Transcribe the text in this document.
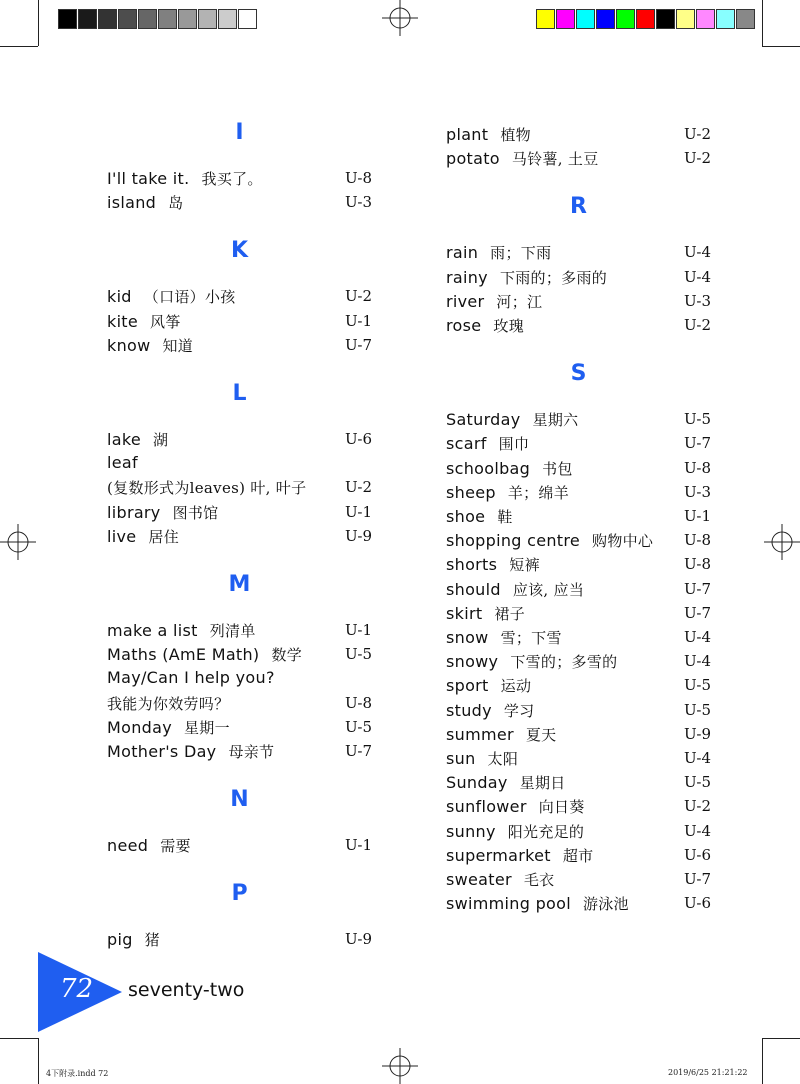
I
I'll take it. 我买了。	U-8
island 岛	U-3
K
kid （口语）小孩	U-2
kite 风筝	U-1
know 知道	U-7
L
lake 湖	U-6
leaf
(复数形式为leaves) 叶, 叶子	U-2
library 图书馆	U-1
live 居住	U-9
M
make a list 列清单	U-1
Maths (AmE Math) 数学	U-5
May/Can I help you?
我能为你效劳吗？	U-8
Monday 星期一	U-5
Mother's Day 母亲节	U-7
N
need 需要	U-1
P
pig 猪	U-9
plant 植物	U-2
potato 马铃薯, 土豆	U-2
R
rain 雨；下雨	U-4
rainy 下雨的；多雨的	U-4
river 河；江	U-3
rose 玫瑰	U-2
S
Saturday 星期六	U-5
scarf 围巾	U-7
schoolbag 书包	U-8
sheep 羊；绵羊	U-3
shoe 鞋	U-1
shopping centre 购物中心 U-8
shorts 短裤	U-8
should 应该, 应当	U-7
skirt 裙子	U-7
snow 雪；下雪	U-4
snowy 下雪的；多雪的	U-4
sport 运动	U-5
study 学习	U-5
summer 夏天	U-9
sun 太阳	U-4
Sunday 星期日	U-5
sunflower 向日葵	U-2
sunny 阳光充足的	U-4
supermarket 超市	U-6
sweater 毛衣	U-7
swimming pool 游泳池	U-6
72 seventy-two
4下附录.indd 72	2019/6/25 21:21:22
